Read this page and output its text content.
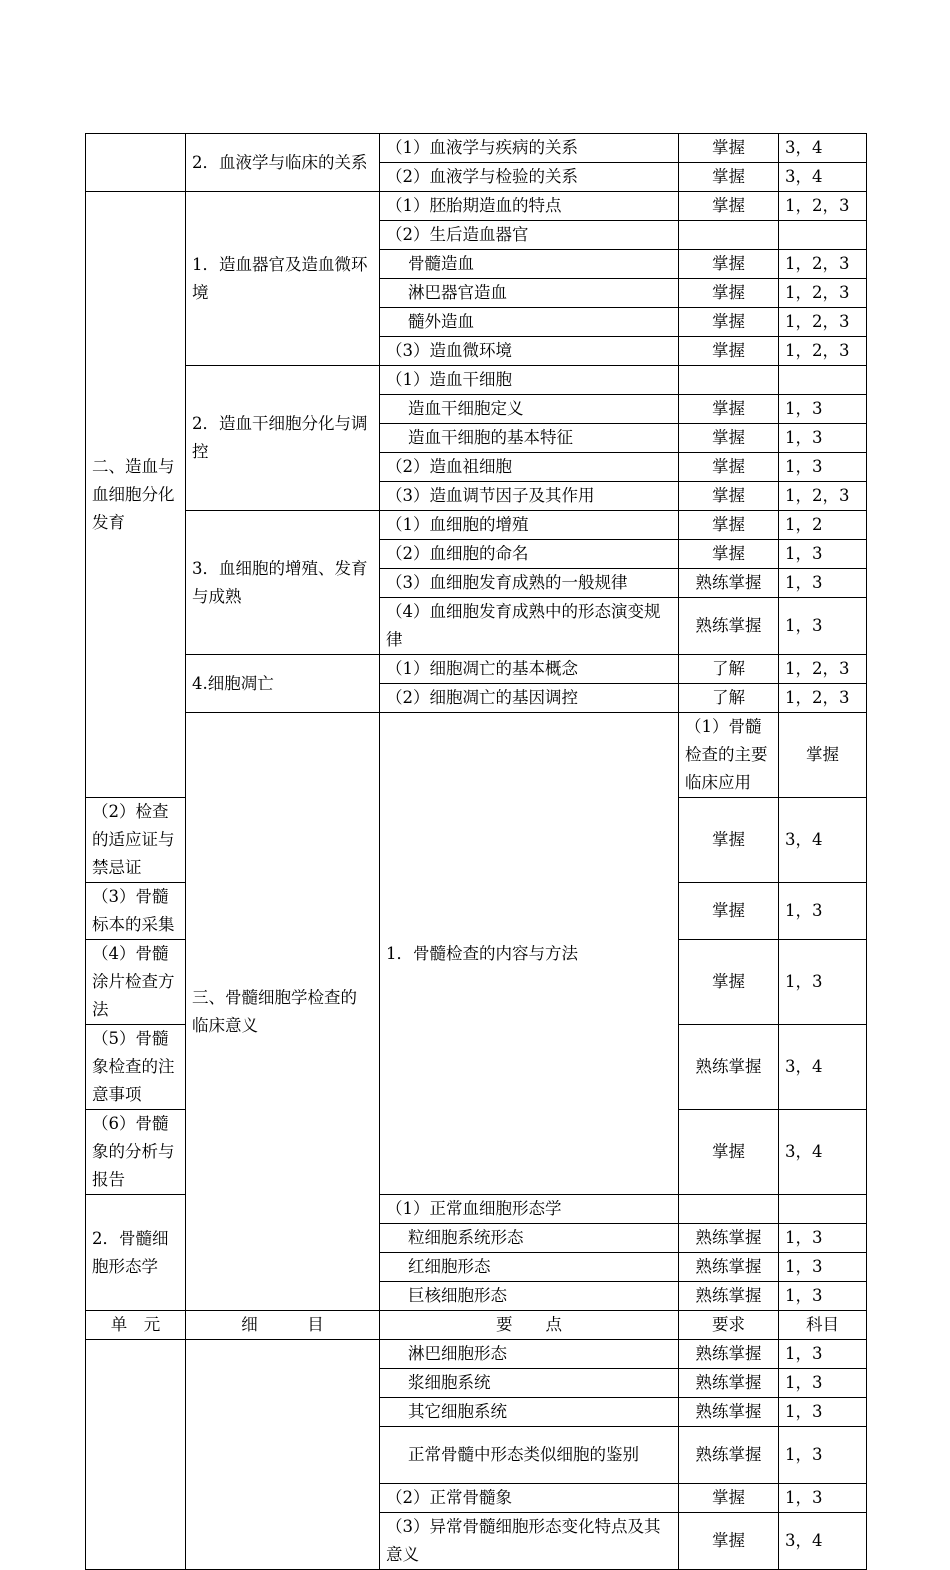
	2．血液学与临床的关系	（1）血液学与疾病的关系	掌握	3，4	
		（2）血液学与检验的关系	掌握	3，4	
二、造血与血细胞分化发育	1．造血器官及造血微环境	（1）胚胎期造血的特点	掌握	1，2，3	
		（2）生后造血器官			
		骨髓造血	掌握	1，2，3	
		淋巴器官造血	掌握	1，2，3	
		髓外造血	掌握	1，2，3	
		（3）造血微环境	掌握	1，2，3	
	2．造血干细胞分化与调控	（1）造血干细胞			
		造血干细胞定义	掌握	1，3	
		造血干细胞的基本特征	掌握	1，3	
		（2）造血祖细胞	掌握	1，3	
		（3）造血调节因子及其作用	掌握	1，2，3	
	3．血细胞的增殖、发育与成熟	（1）血细胞的增殖	掌握	1，2	
		（2）血细胞的命名	掌握	1，3	
		（3）血细胞发育成熟的一般规律	熟练掌握	1，3	
		（4）血细胞发育成熟中的形态演变规律	熟练掌握	1，3	
	4.细胞凋亡	（1）细胞凋亡的基本概念	了解	1，2，3	
		（2）细胞凋亡的基因调控	了解	1，2，3	
	三、骨髓细胞学检查的临床意义	1．骨髓检查的内容与方法	（1）骨髓检查的主要临床应用	掌握	
（2）检查的适应证与禁忌证			掌握	3，4	
（3）骨髓标本的采集			掌握	1，3	
（4）骨髓涂片检查方法			掌握	1，3	
（5）骨髓象检查的注意事项			熟练掌握	3，4	
（6）骨髓象的分析与报告			掌握	3，4	
2．骨髓细胞形态学		（1）正常血细胞形态学			
		粒细胞系统形态	熟练掌握	1，3	
		红细胞形态	熟练掌握	1，3	
		巨核细胞形态	熟练掌握	1，3	
单　元	细　　　目	要　　点	要求	科目	
		淋巴细胞形态	熟练掌握	1，3	
		浆细胞系统	熟练掌握	1，3	
		其它细胞系统	熟练掌握	1，3	
		正常骨髓中形态类似细胞的鉴别	熟练掌握	1，3	
		（2）正常骨髓象	掌握	1，3	
		（3）异常骨髓细胞形态变化特点及其意义	掌握	3，4	
